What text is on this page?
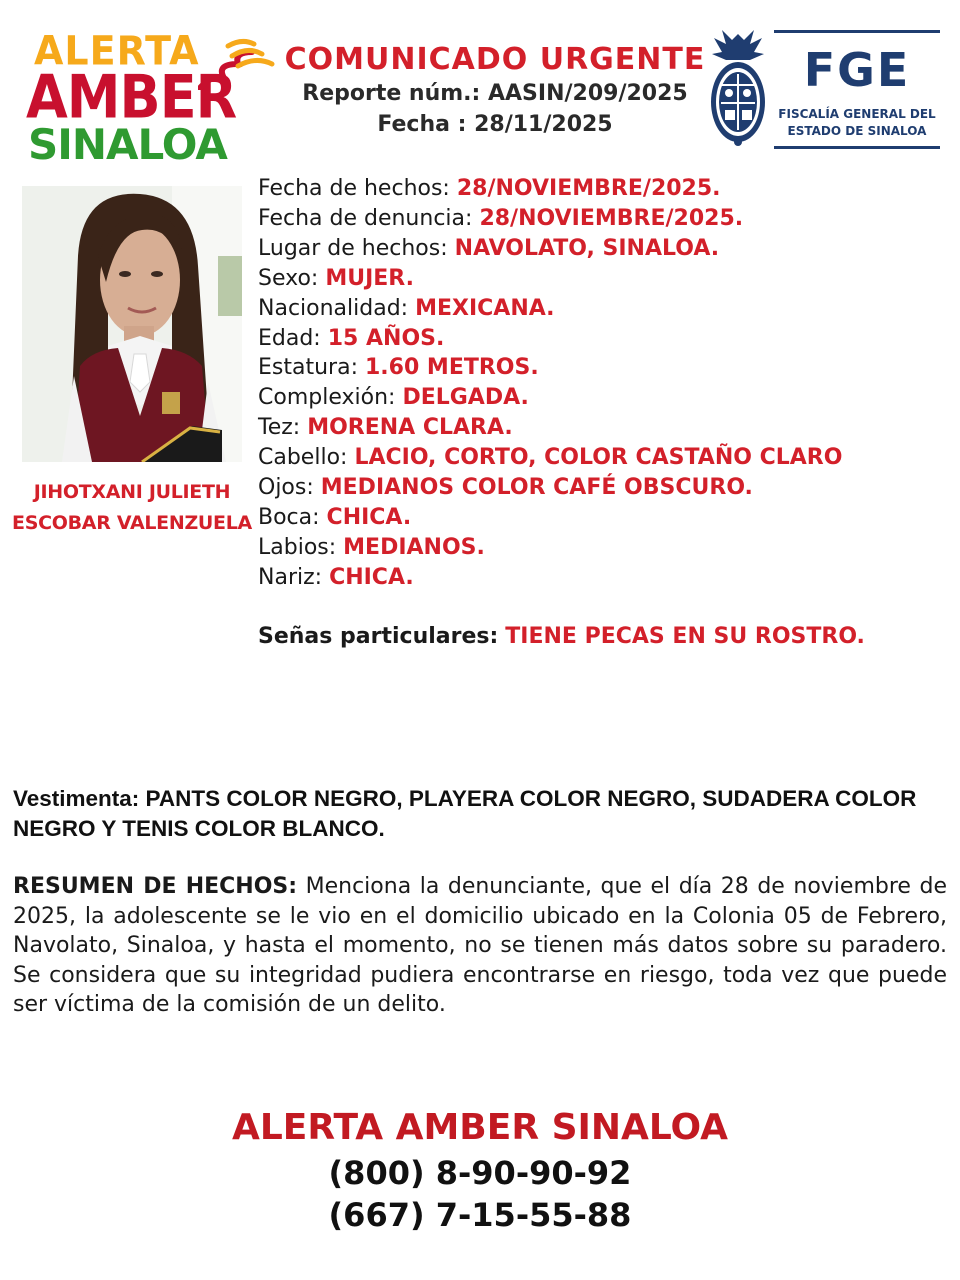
ALERTA
AMBER
SINALOA
COMUNICADO URGENTE
Reporte núm.: AASIN/209/2025
Fecha : 28/11/2025
FGE
FISCALÍA GENERAL DEL
ESTADO DE SINALOA
JIHOTXANI JULIETH
ESCOBAR VALENZUELA
Fecha de hechos: 28/NOVIEMBRE/2025.
Fecha de denuncia: 28/NOVIEMBRE/2025.
Lugar de hechos: NAVOLATO, SINALOA.
Sexo: MUJER.
Nacionalidad: MEXICANA.
Edad: 15 AÑOS.
Estatura: 1.60 METROS.
Complexión: DELGADA.
Tez: MORENA CLARA.
Cabello: LACIO, CORTO, COLOR CASTAÑO CLARO
Ojos: MEDIANOS COLOR CAFÉ OBSCURO.
Boca: CHICA.
Labios: MEDIANOS.
Nariz: CHICA.
Señas particulares: TIENE PECAS EN SU ROSTRO.
Vestimenta: PANTS COLOR NEGRO, PLAYERA COLOR NEGRO, SUDADERA COLOR NEGRO Y TENIS COLOR BLANCO.
RESUMEN DE HECHOS: Menciona la denunciante, que el día 28 de noviembre de 2025, la adolescente se le vio en el domicilio ubicado en la Colonia 05 de Febrero, Navolato, Sinaloa, y hasta el momento, no se tienen más datos sobre su paradero. Se considera que su integridad pudiera encontrarse en riesgo, toda vez que puede ser víctima de la comisión de un delito.
ALERTA AMBER SINALOA
(800) 8-90-90-92
(667) 7-15-55-88
